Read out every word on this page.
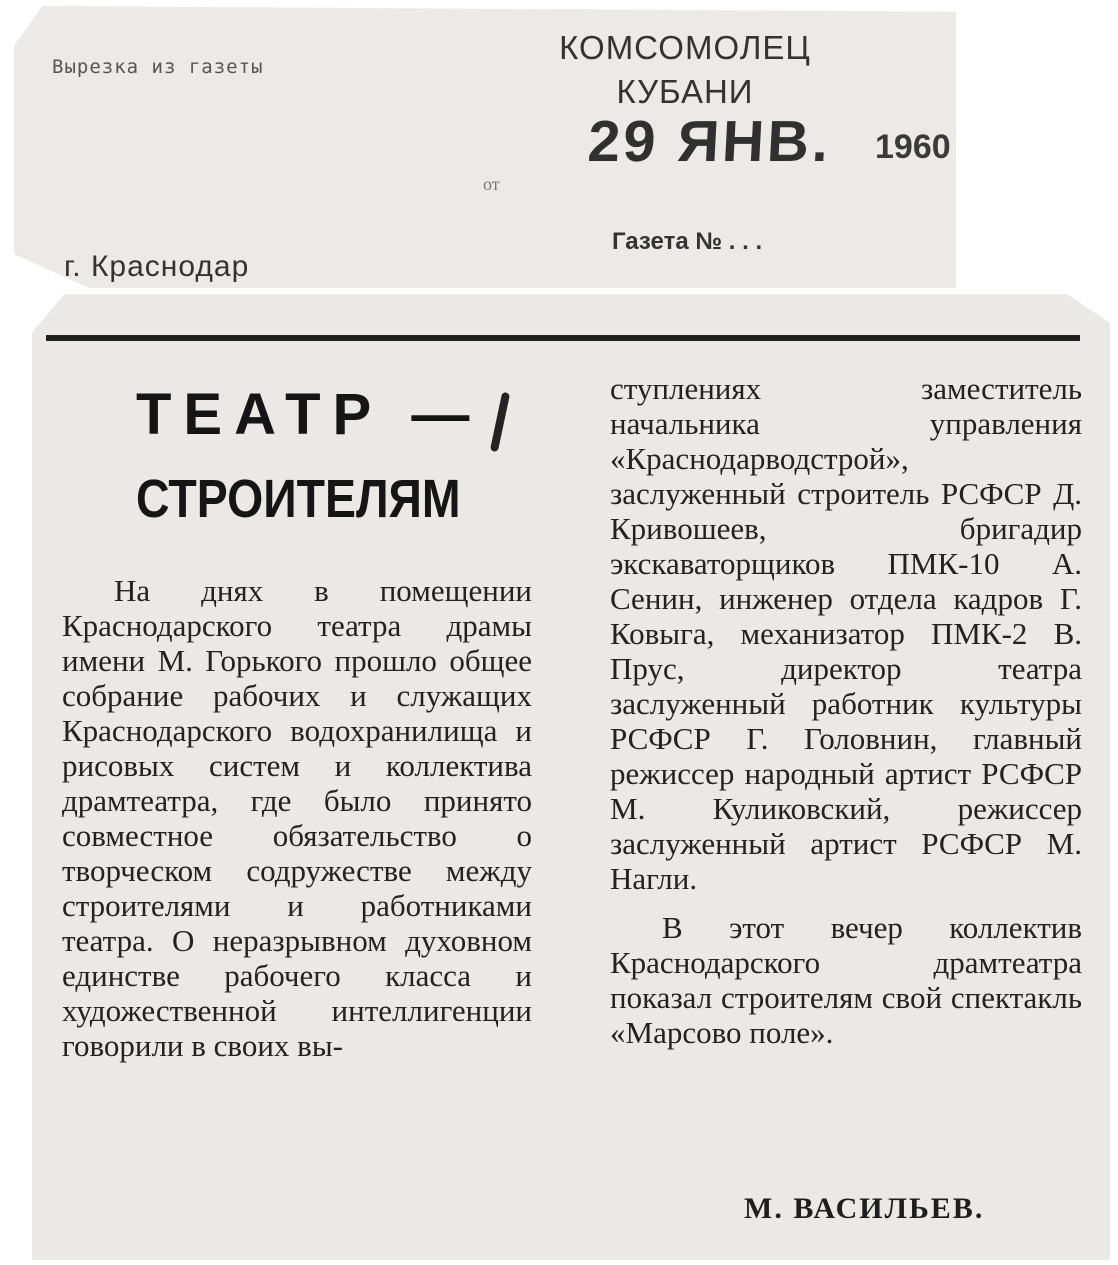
Вырезка из газеты
КОМСОМОЛЕЦ
КУБАНИ
29 ЯНВ. 1960
от
г. Краснодар
Газета № . . .
ТЕАТР —
СТРОИТЕЛЯМ

На днях в помещении Краснодарского театра драмы имени М. Горького прошло общее собрание рабочих и служащих Краснодарского водохранилища и рисовых систем и коллектива драмтеатра, где было принято совместное обязательство о творческом содружестве между строителями и работниками театра. О неразрывном духовном единстве рабочего класса и художественной интеллигенции говорили в своих вы-

ступлениях заместитель начальника управления «Краснодарводстрой», заслуженный строитель РСФСР Д. Кривошеев, бригадир экскаваторщиков ПМК-10 А. Сенин, инженер отдела кадров Г. Ковыга, механизатор ПМК-2 В. Прус, директор театра заслуженный работник культуры РСФСР Г. Головнин, главный режиссер народный артист РСФСР М. Куликовский, режиссер заслуженный артист РСФСР М. Нагли.

В этот вечер коллектив Краснодарского драмтеатра показал строителям свой спектакль «Марсово поле».

М. ВАСИЛЬЕВ.
